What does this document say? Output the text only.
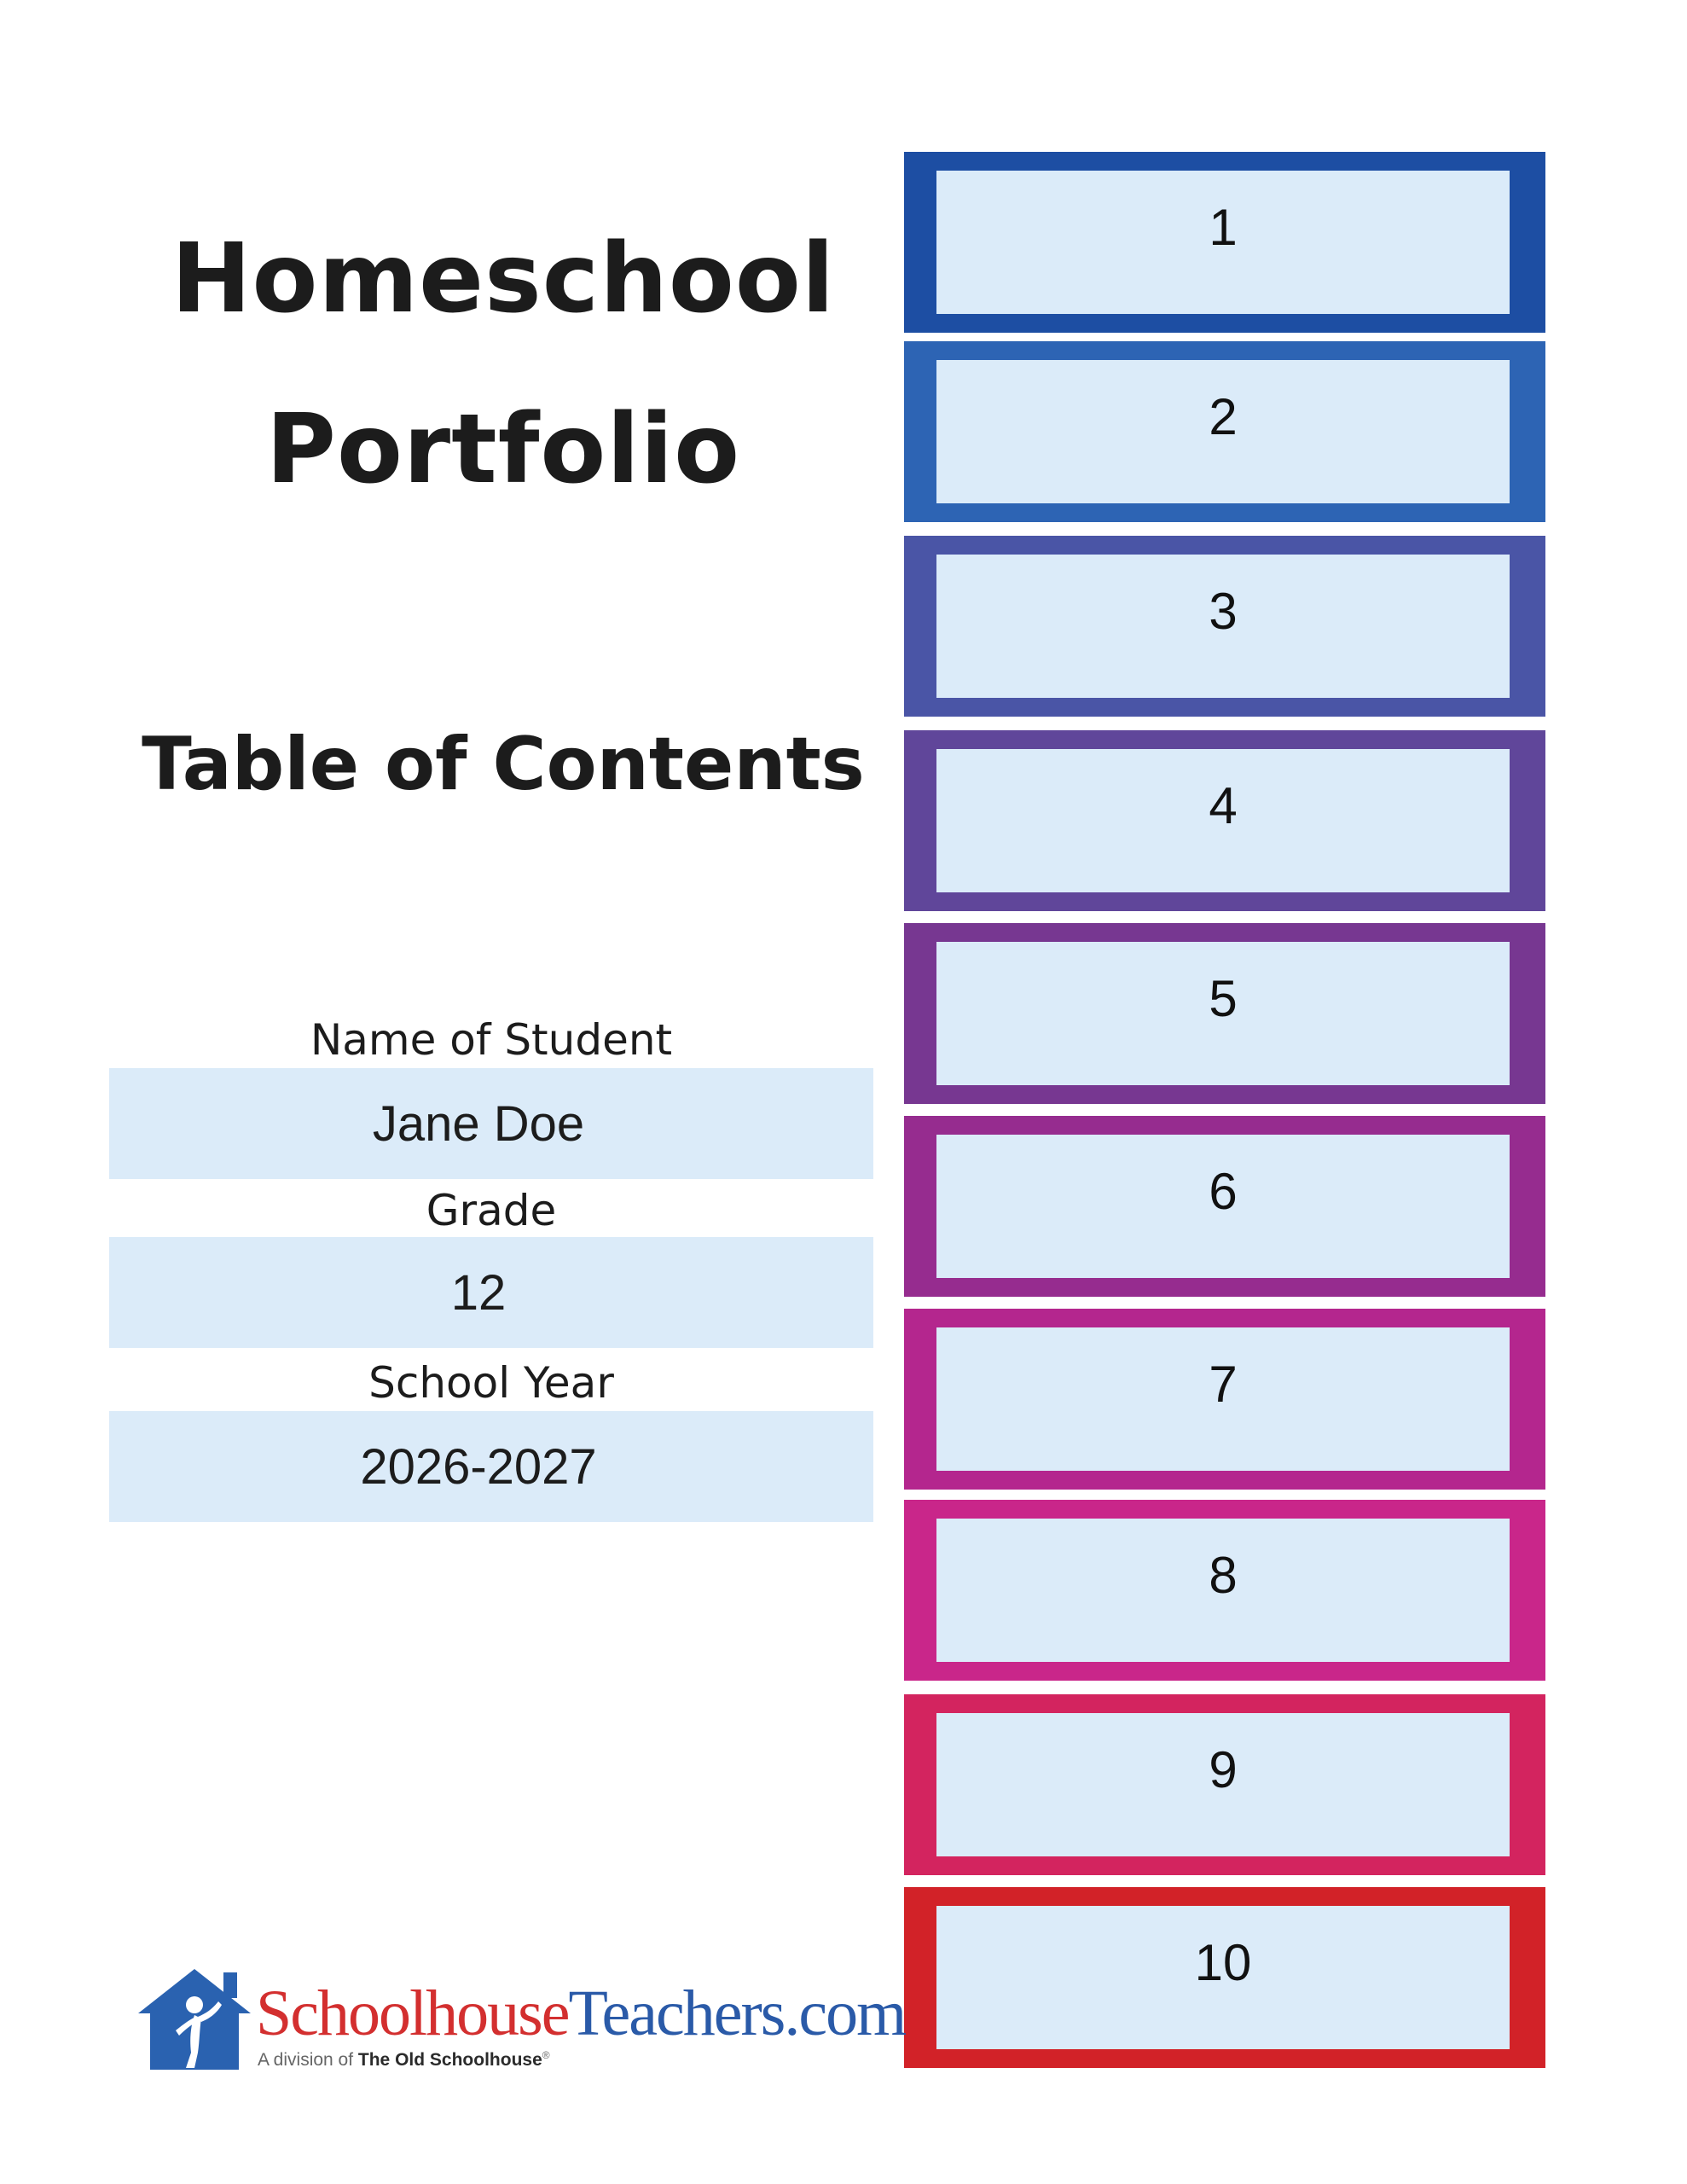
Homeschool
Portfolio
Table of Contents
Name of Student
Jane Doe
Grade
12
School Year
2026-2027
1
2
3
4
5
6
7
8
9
10
SchoolhouseTeachers.com
A division of The Old Schoolhouse®
